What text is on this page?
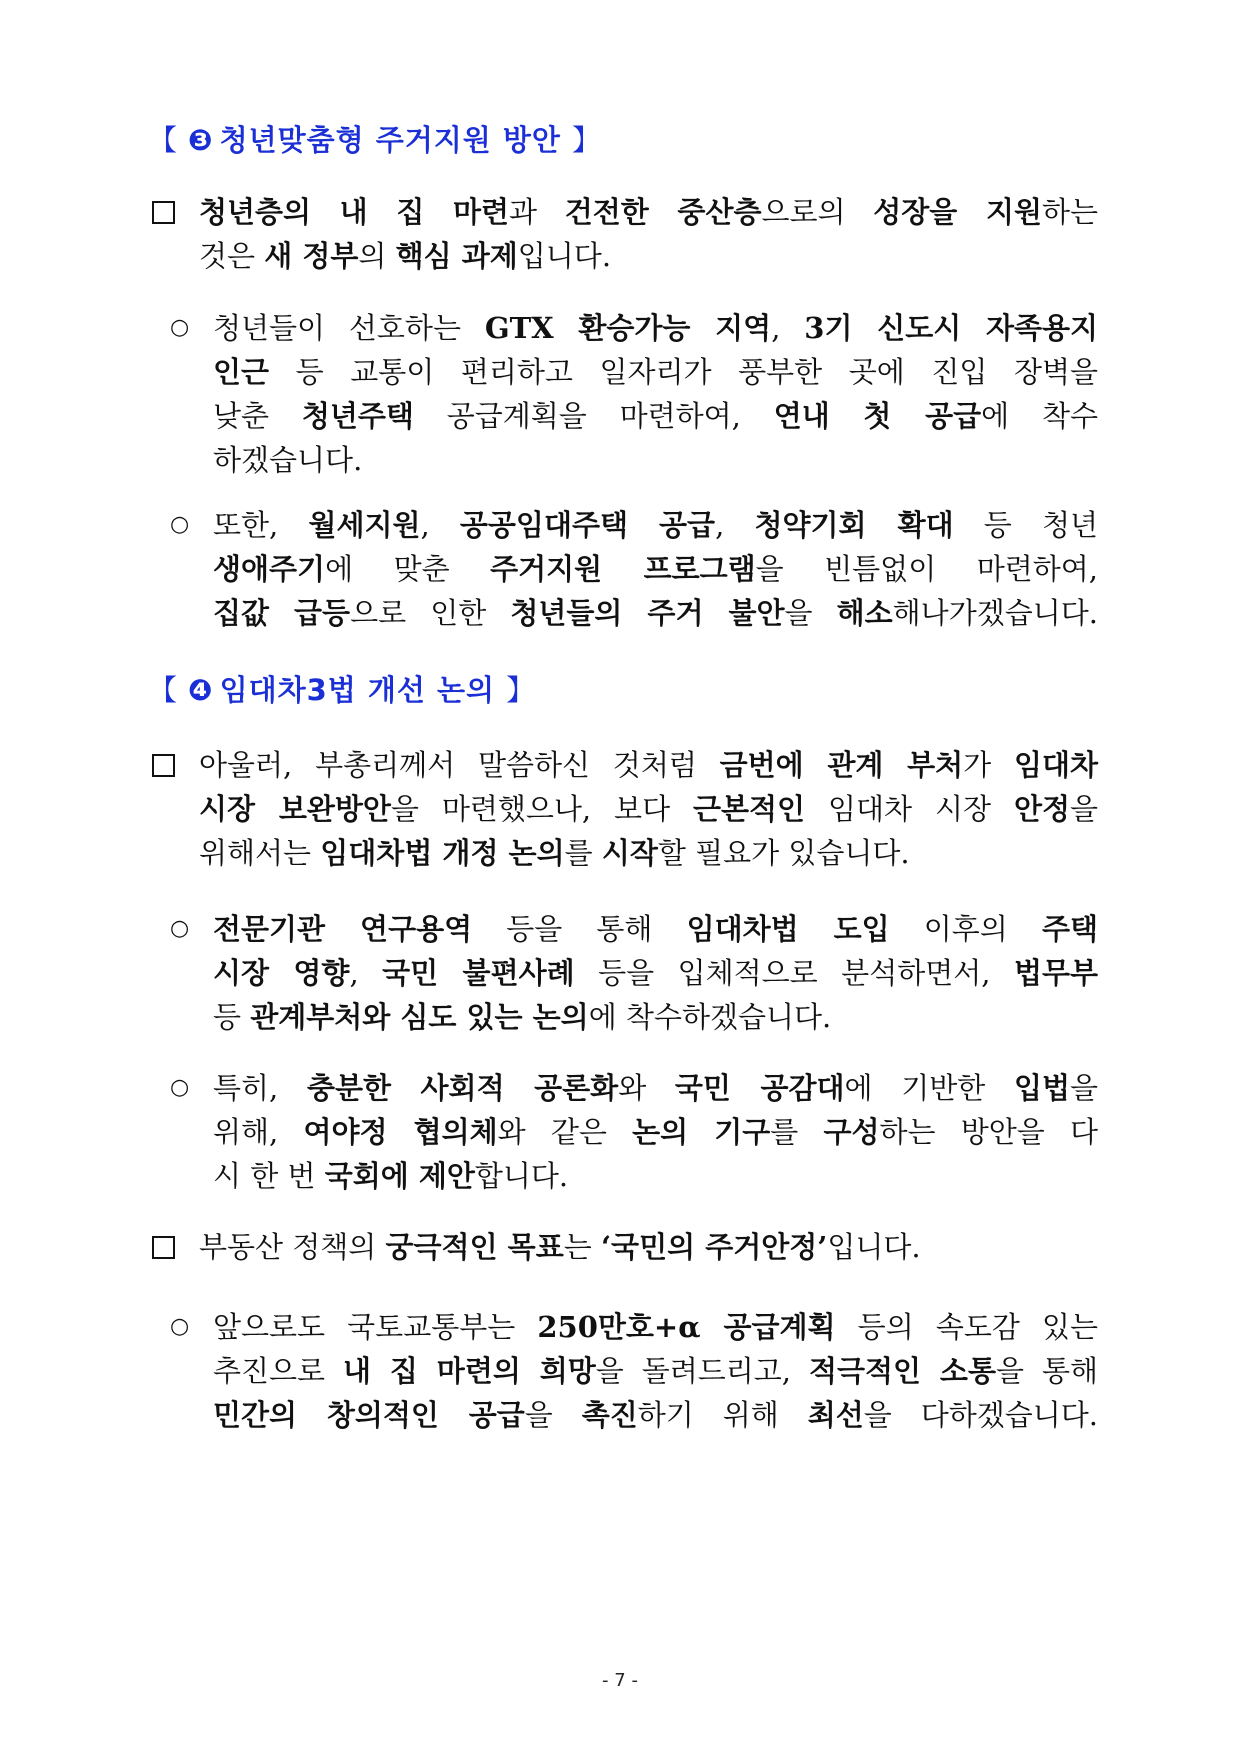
【 ❸ 청년맞춤형 주거지원 방안 】
청년층의 내 집 마련과 건전한 중산층으로의 성장을 지원하는
것은 새 정부의 핵심 과제입니다.
○ 청년들이 선호하는 GTX 환승가능 지역, 3기 신도시 자족용지
인근 등 교통이 편리하고 일자리가 풍부한 곳에 진입 장벽을
낮춘 청년주택 공급계획을 마련하여, 연내 첫 공급에 착수
하겠습니다.
○ 또한, 월세지원, 공공임대주택 공급, 청약기회 확대 등 청년
생애주기에 맞춘 주거지원 프로그램을 빈틈없이 마련하여,
집값 급등으로 인한 청년들의 주거 불안을 해소해나가겠습니다.
【 ❹ 임대차3법 개선 논의 】
아울러, 부총리께서 말씀하신 것처럼 금번에 관계 부처가 임대차
시장 보완방안을 마련했으나, 보다 근본적인 임대차 시장 안정을
위해서는 임대차법 개정 논의를 시작할 필요가 있습니다.
○ 전문기관 연구용역 등을 통해 임대차법 도입 이후의 주택
시장 영향, 국민 불편사례 등을 입체적으로 분석하면서, 법무부
등 관계부처와 심도 있는 논의에 착수하겠습니다.
○ 특히, 충분한 사회적 공론화와 국민 공감대에 기반한 입법을
위해, 여야정 협의체와 같은 논의 기구를 구성하는 방안을 다
시 한 번 국회에 제안합니다.
부동산 정책의 궁극적인 목표는 ‘국민의 주거안정’입니다.
○ 앞으로도 국토교통부는 250만호+α 공급계획 등의 속도감 있는
추진으로 내 집 마련의 희망을 돌려드리고, 적극적인 소통을 통해
민간의 창의적인 공급을 촉진하기 위해 최선을 다하겠습니다.
- 7 -
